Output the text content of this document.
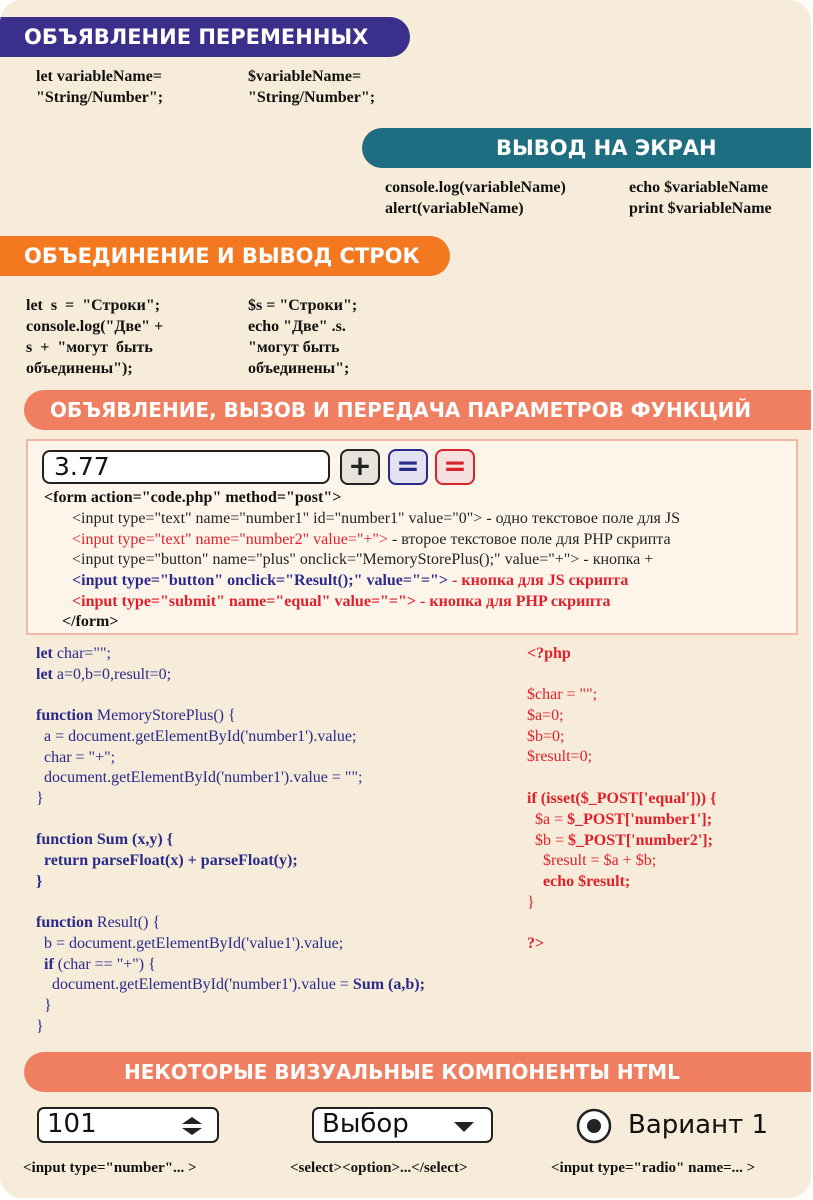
ОБЪЯВЛЕНИЕ ПЕРЕМЕННЫХ
let variableName=
"String/Number";
$variableName=
"String/Number";
ВЫВОД НА ЭКРАН
console.log(variableName)
alert(variableName)
echo $variableName
print $variableName
ОБЪЕДИНЕНИЕ И ВЫВОД СТРОК
let  s  =  "Строки";
console.log("Две" +
s  +  "могут  быть
объединены");
$s = "Строки";
echo "Две" .s.
"могут быть
объединены";
ОБЪЯВЛЕНИЕ, ВЫЗОВ И ПЕРЕДАЧА ПАРАМЕТРОВ ФУНКЦИЙ
3.77	+ = =
<form action="code.php" method="post">
<input type="text" name="number1" id="number1" value="0"> - одно текстовое поле для JS
<input type="text" name="number2" value="+"> - второе текстовое поле для PHP скрипта
<input type="button" name="plus" onclick="MemoryStorePlus();" value="+"> - кнопка +
<input type="button" onclick="Result();" value="="> - кнопка для JS скрипта
<input type="submit" name="equal" value="="> - кнопка для PHP скрипта
</form>
let char="";
let a=0,b=0,result=0;
function MemoryStorePlus() {
a = document.getElementById('number1').value;
char = "+";
document.getElementById('number1').value = "";
}
function Sum (x,y) {
return parseFloat(x) + parseFloat(y);
}
function Result() {
b = document.getElementById('value1').value;
if (char == "+") {
document.getElementById('number1').value = Sum (a,b);
}
}
<?php
$char = "";
$a=0;
$b=0;
$result=0;
if (isset($_POST['equal'])) {
$a = $_POST['number1'];
$b = $_POST['number2'];
$result = $a + $b;
echo $result;
}
?>
НЕКОТОРЫЕ ВИЗУАЛЬНЫЕ КОМПОНЕНТЫ HTML
101	Выбор	Вариант 1
<input type="number"... >	<select><option>...</select>	<input type="radio" name=... >
